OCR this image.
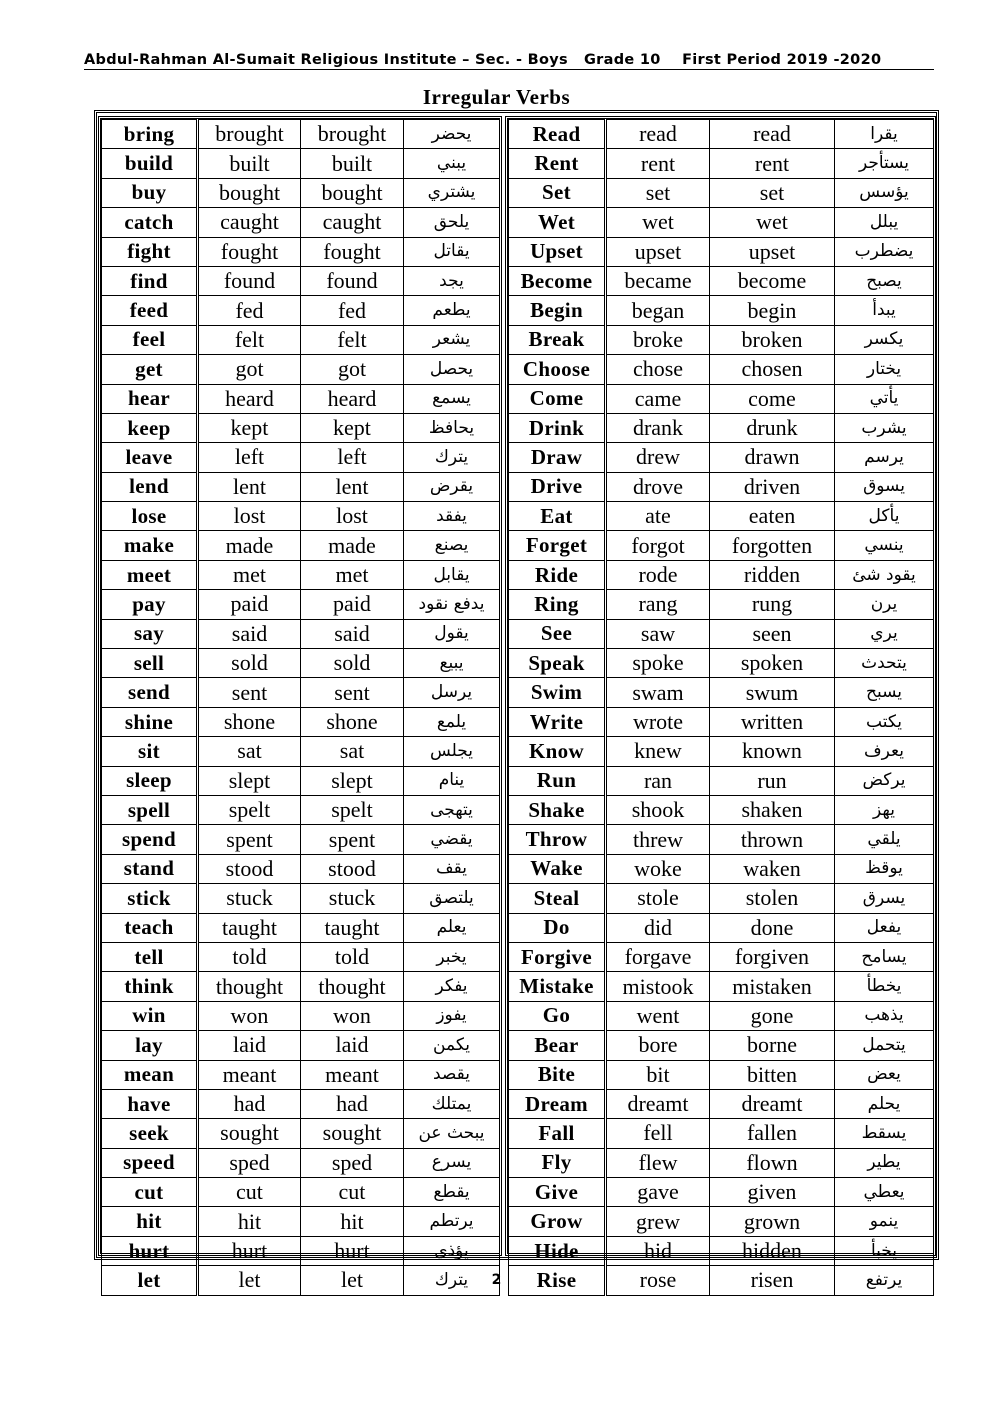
Abdul-Rahman Al-Sumait Religious Institute – Sec. - Boys Grade 10 First Period 2019 -2020
Irregular Verbs
bring	brought	brought	يحضر
build	built	built	يبني
buy	bought	bought	يشتري
catch	caught	caught	يلحق
fight	fought	fought	يقاتل
find	found	found	يجد
feed	fed	fed	يطعم
feel	felt	felt	يشعر
get	got	got	يحصل
hear	heard	heard	يسمع
keep	kept	kept	يحافظ
leave	left	left	يترك
lend	lent	lent	يقرض
lose	lost	lost	يفقد
make	made	made	يصنع
meet	met	met	يقابل
pay	paid	paid	يدفع نقود
say	said	said	يقول
sell	sold	sold	يبيع
send	sent	sent	يرسل
shine	shone	shone	يلمع
sit	sat	sat	يجلس
sleep	slept	slept	ينام
spell	spelt	spelt	يتهجى
spend	spent	spent	يقضي
stand	stood	stood	يقف
stick	stuck	stuck	يلتصق
teach	taught	taught	يعلم
tell	told	told	يخبر
think	thought	thought	يفكر
win	won	won	يفوز
lay	laid	laid	يكمن
mean	meant	meant	يقصد
have	had	had	يمتلك
seek	sought	sought	يبحث عن
speed	sped	sped	يسرع
cut	cut	cut	يقطع
hit	hit	hit	يرتطم
hurt	hurt	hurt	يؤذي
let	let	let	يترك
Read	read	read	يقرا
Rent	rent	rent	يستأجر
Set	set	set	يؤسس
Wet	wet	wet	يبلل
Upset	upset	upset	يضطرب
Become	became	become	يصبح
Begin	began	begin	يبدأ
Break	broke	broken	يكسر
Choose	chose	chosen	يختار
Come	came	come	يأتي
Drink	drank	drunk	يشرب
Draw	drew	drawn	يرسم
Drive	drove	driven	يسوق
Eat	ate	eaten	يأكل
Forget	forgot	forgotten	ينسي
Ride	rode	ridden	يقود شئ
Ring	rang	rung	يرن
See	saw	seen	يري
Speak	spoke	spoken	يتحدث
Swim	swam	swum	يسبح
Write	wrote	written	يكتب
Know	knew	known	يعرف
Run	ran	run	يركض
Shake	shook	shaken	يهز
Throw	threw	thrown	يلقي
Wake	woke	waken	يوقظ
Steal	stole	stolen	يسرق
Do	did	done	يفعل
Forgive	forgave	forgiven	يسامح
Mistake	mistook	mistaken	يخطأ
Go	went	gone	يذهب
Bear	bore	borne	يتحمل
Bite	bit	bitten	يعض
Dream	dreamt	dreamt	يحلم
Fall	fell	fallen	يسقط
Fly	flew	flown	يطير
Give	gave	given	يعطي
Grow	grew	grown	ينمو
Hide	hid	hidden	يخبأ
Rise	rose	risen	يرتفع
2
